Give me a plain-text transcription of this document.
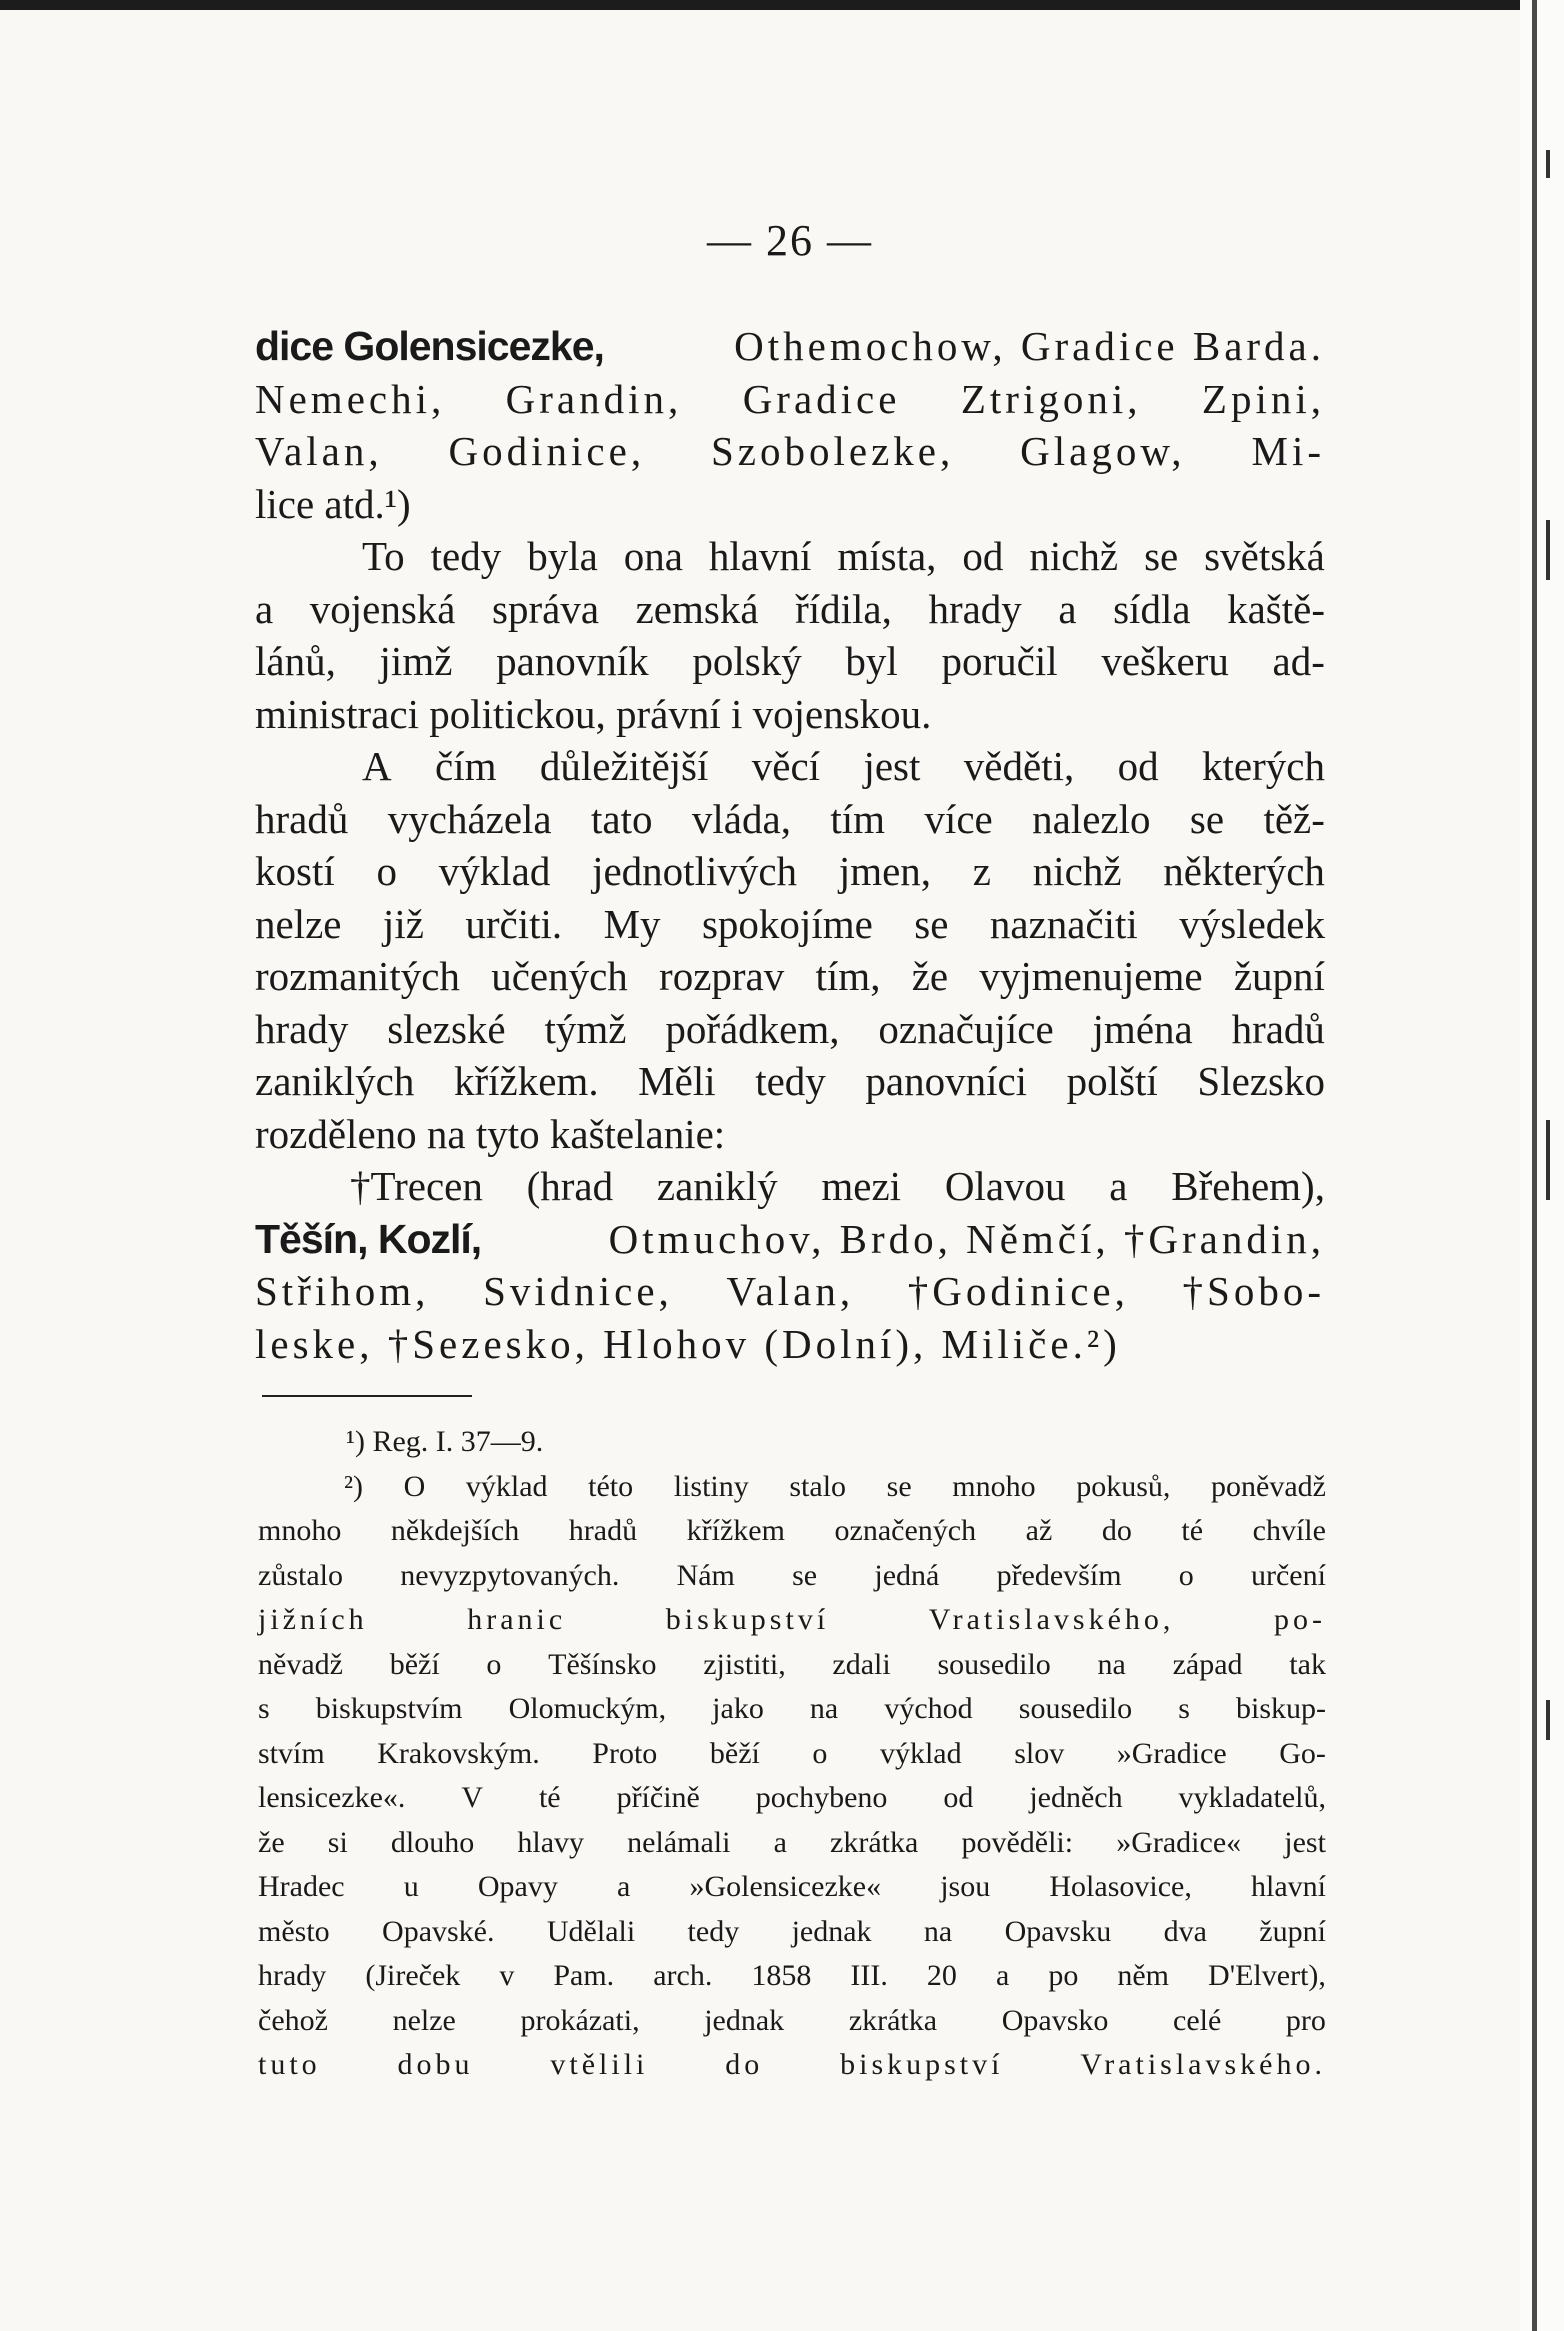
— 26 —
dice Golensicezke,	Othemochow, Gradice Barda.
Nemechi, Grandin, Gradice Ztrigoni, Zpini,
Valan, Godinice, Szobolezke, Glagow, Mi-
lice atd.¹)
To tedy byla ona hlavní místa, od nichž se světská
a vojenská správa zemská řídila, hrady a sídla kaště-
lánů, jimž panovník polský byl poručil veškeru ad-
ministraci politickou, právní i vojenskou.
A čím důležitější věcí jest věděti, od kterých
hradů vycházela tato vláda, tím více nalezlo se těž-
kostí o výklad jednotlivých jmen, z nichž některých
nelze již určiti. My spokojíme se naznačiti výsledek
rozmanitých učených rozprav tím, že vyjmenujeme župní
hrady slezské týmž pořádkem, označujíce jména hradů
zaniklých křížkem. Měli tedy panovníci polští Slezsko
rozděleno na tyto kaštelanie:
†Trecen (hrad zaniklý mezi Olavou a Břehem),
Těšín, Kozlí,	Otmuchov, Brdo, Němčí, †Grandin,
Střihom, Svidnice, Valan, †Godinice, †Sobo-
leske, †Sezesko, Hlohov (Dolní), Miliče.²)
¹) Reg. I. 37—9.
²) O výklad této listiny stalo se mnoho pokusů, poněvadž
mnoho někdejších hradů křížkem označených až do té chvíle
zůstalo nevyzpytovaných. Nám se jedná především o určení
jižních	hranic	biskupství	Vratislavského,	po-
něvadž běží o Těšínsko zjistiti, zdali sousedilo na západ tak
s biskupstvím Olomuckým, jako na východ sousedilo s biskup-
stvím Krakovským. Proto běží o výklad slov »Gradice Go-
lensicezke«. V té příčině pochybeno od jedněch vykladatelů,
že si dlouho hlavy nelámali a zkrátka pověděli: »Gradice« jest
Hradec u Opavy a »Golensicezke« jsou Holasovice, hlavní
město Opavské. Udělali tedy jednak na Opavsku dva župní
hrady (Jireček v Pam. arch. 1858 III. 20 a po něm D'Elvert),
čehož nelze prokázati, jednak zkrátka Opavsko celé pro
tuto	dobu	vtělili	do	biskupství	Vratislavského.
